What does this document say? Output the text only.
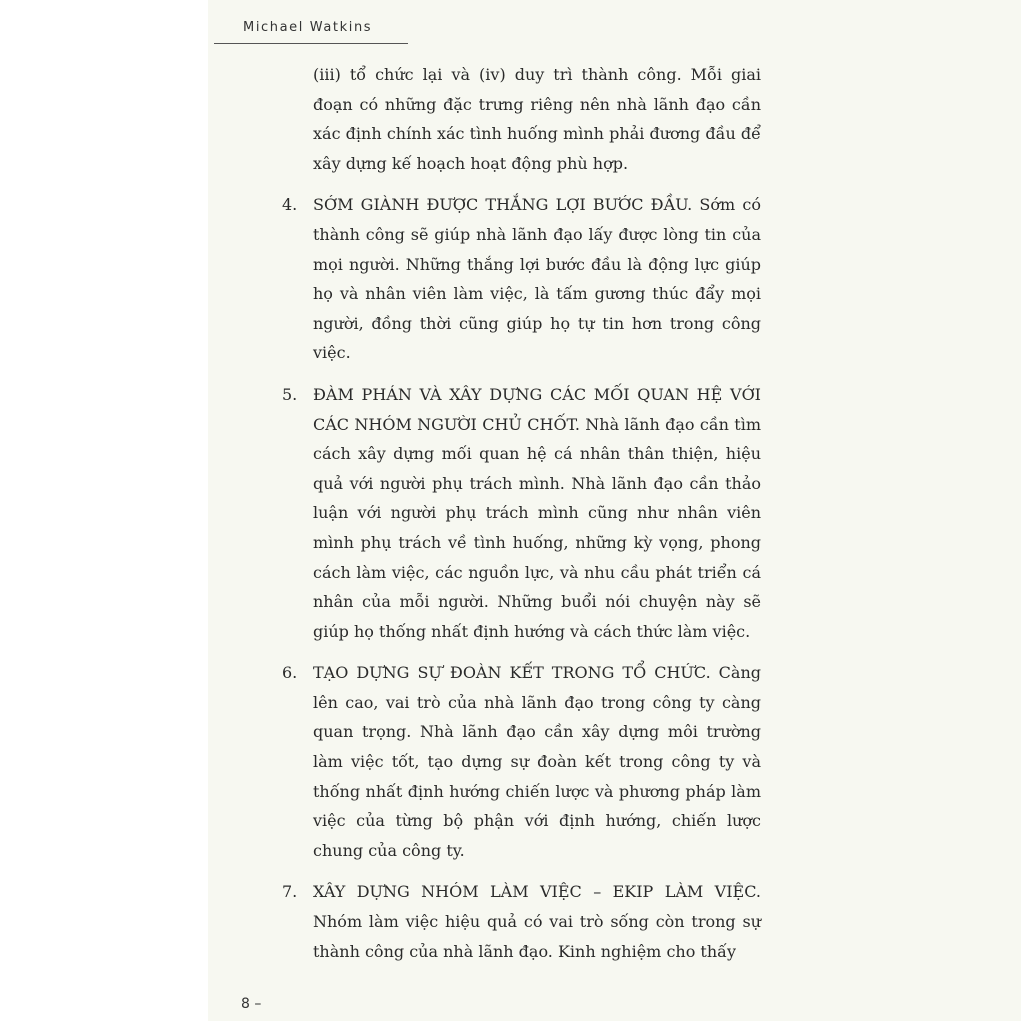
Michael Watkins

(iii) tổ chức lại và (iv) duy trì thành công. Mỗi giai đoạn có những đặc trưng riêng nên nhà lãnh đạo cần xác định chính xác tình huống mình phải đương đầu để xây dựng kế hoạch hoạt động phù hợp.

4. SỚM GIÀNH ĐƯỢC THẮNG LỢI BƯỚC ĐẦU. Sớm có thành công sẽ giúp nhà lãnh đạo lấy được lòng tin của mọi người. Những thắng lợi bước đầu là động lực giúp họ và nhân viên làm việc, là tấm gương thúc đẩy mọi người, đồng thời cũng giúp họ tự tin hơn trong công việc.

5. ĐÀM PHÁN VÀ XÂY DỰNG CÁC MỐI QUAN HỆ VỚI CÁC NHÓM NGƯỜI CHỦ CHỐT. Nhà lãnh đạo cần tìm cách xây dựng mối quan hệ cá nhân thân thiện, hiệu quả với người phụ trách mình. Nhà lãnh đạo cần thảo luận với người phụ trách mình cũng như nhân viên mình phụ trách về tình huống, những kỳ vọng, phong cách làm việc, các nguồn lực, và nhu cầu phát triển cá nhân của mỗi người. Những buổi nói chuyện này sẽ giúp họ thống nhất định hướng và cách thức làm việc.

6. TẠO DỰNG SỰ ĐOÀN KẾT TRONG TỔ CHỨC. Càng lên cao, vai trò của nhà lãnh đạo trong công ty càng quan trọng. Nhà lãnh đạo cần xây dựng môi trường làm việc tốt, tạo dựng sự đoàn kết trong công ty và thống nhất định hướng chiến lược và phương pháp làm việc của từng bộ phận với định hướng, chiến lược chung của công ty.

7. XÂY DỰNG NHÓM LÀM VIỆC – EKIP LÀM VIỆC. Nhóm làm việc hiệu quả có vai trò sống còn trong sự thành công của nhà lãnh đạo. Kinh nghiệm cho thấy

8 –
